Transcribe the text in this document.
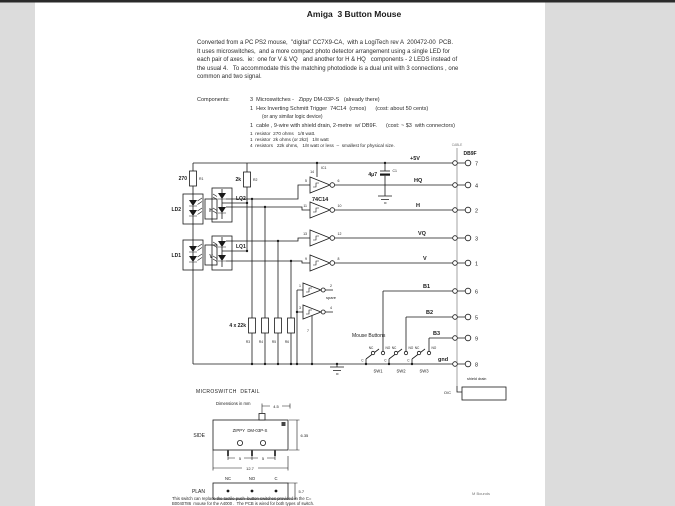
Amiga  3 Button Mouse
Converted from a PC PS2 mouse,  "digital" CC7X9-CA,  with a LogiTech rev A  200472-00  PCB.
It uses microswitches,  and a more compact photo detector arrangement using a single LED for
each pair of axes.  ie:  one for V & VQ   and another for H & HQ   components - 2 LEDS instead of
the usual 4.   To accommodate this the matching photodiode is a dual unit with 3 connections , one
common and two signal.
Components:	3  Microswitches -   Zippy DM-03P-S   (already there)
1  Hex Inverting Schmitt Trigger  74C14  (cmos)      (cost: about 50 cents)
(or any similar logic device)
1  cable , 9-wire with shield drain, 2-metre  w/ DB9F.      (cost: ~ $3  with connectors)
1  resistor  270 ohms   1/8 watt.
1  resistor  2k ohms (or 2k2)   1/8 watt
4  resistors   22k ohms,   1/8 watt or less  –  smallest for physical size.
This switch can replace the tactile push–button switches provided in the C=
B0040786  mouse for the A4000 .  The PCB is wired for both types of switch.
M Bounds
270	R1	2k	R2
LD2	H
LD1	V
LQ2
LQ1
74C14
IC1
14
5	6
11	10
13	12
9	8
1	2
3	4
spare
7
4 x 22k
R3	R4	R5	R6
4μ7
C1
Mouse Buttons
SW1	SW2	SW3
NC	NO
C
NC	NO
C
NC	NO
C
+5V
HQ
H
VQ
V
B1
B2
B3
gnd
7
4
2
3
1
6
5
9
8
CABLE
DB9F
shield drain
O/C
MICROSWITCH  DETAIL
Dimensions in mm
ZIPPY  DM-03P-S
SIDE
PLAN
4.5
6.35
5	5
12.7
5.7
NC	NO	C
